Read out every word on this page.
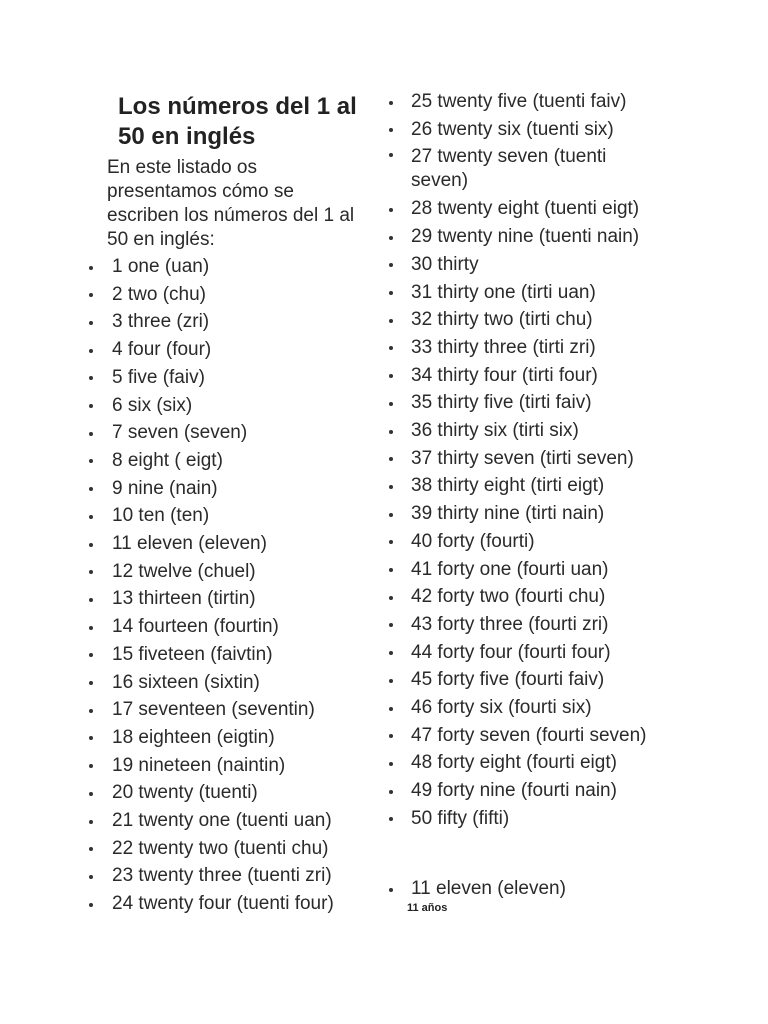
Los números del 1 al 50 en inglés

En este listado os presentamos cómo se escriben los números del 1 al 50 en inglés:

1 one (uan)
2 two (chu)
3 three (zri)
4 four (four)
5 five (faiv)
6 six (six)
7 seven (seven)
8 eight ( eigt)
9 nine (nain)
10 ten (ten)
11 eleven (eleven)
12 twelve (chuel)
13 thirteen (tirtin)
14 fourteen (fourtin)
15 fiveteen (faivtin)
16 sixteen (sixtin)
17 seventeen (seventin)
18 eighteen (eigtin)
19 nineteen (naintin)
20 twenty (tuenti)
21 twenty one (tuenti uan)
22 twenty two (tuenti chu)
23 twenty three (tuenti zri)
24 twenty four (tuenti four)
25 twenty five (tuenti faiv)
26 twenty six (tuenti six)
27 twenty seven (tuenti seven)
28 twenty eight (tuenti eigt)
29 twenty nine (tuenti nain)
30 thirty
31 thirty one (tirti uan)
32 thirty two (tirti chu)
33 thirty three (tirti zri)
34 thirty four (tirti four)
35 thirty five (tirti faiv)
36 thirty six (tirti six)
37 thirty seven (tirti seven)
38 thirty eight (tirti eigt)
39 thirty nine (tirti nain)
40 forty (fourti)
41 forty one (fourti uan)
42 forty two (fourti chu)
43 forty three (fourti zri)
44 forty four (fourti four)
45 forty five (fourti faiv)
46 forty six (fourti six)
47 forty seven (fourti seven)
48 forty eight (fourti eigt)
49 forty nine (fourti nain)
50 fifty (fifti)
11 eleven (eleven)
11 años
